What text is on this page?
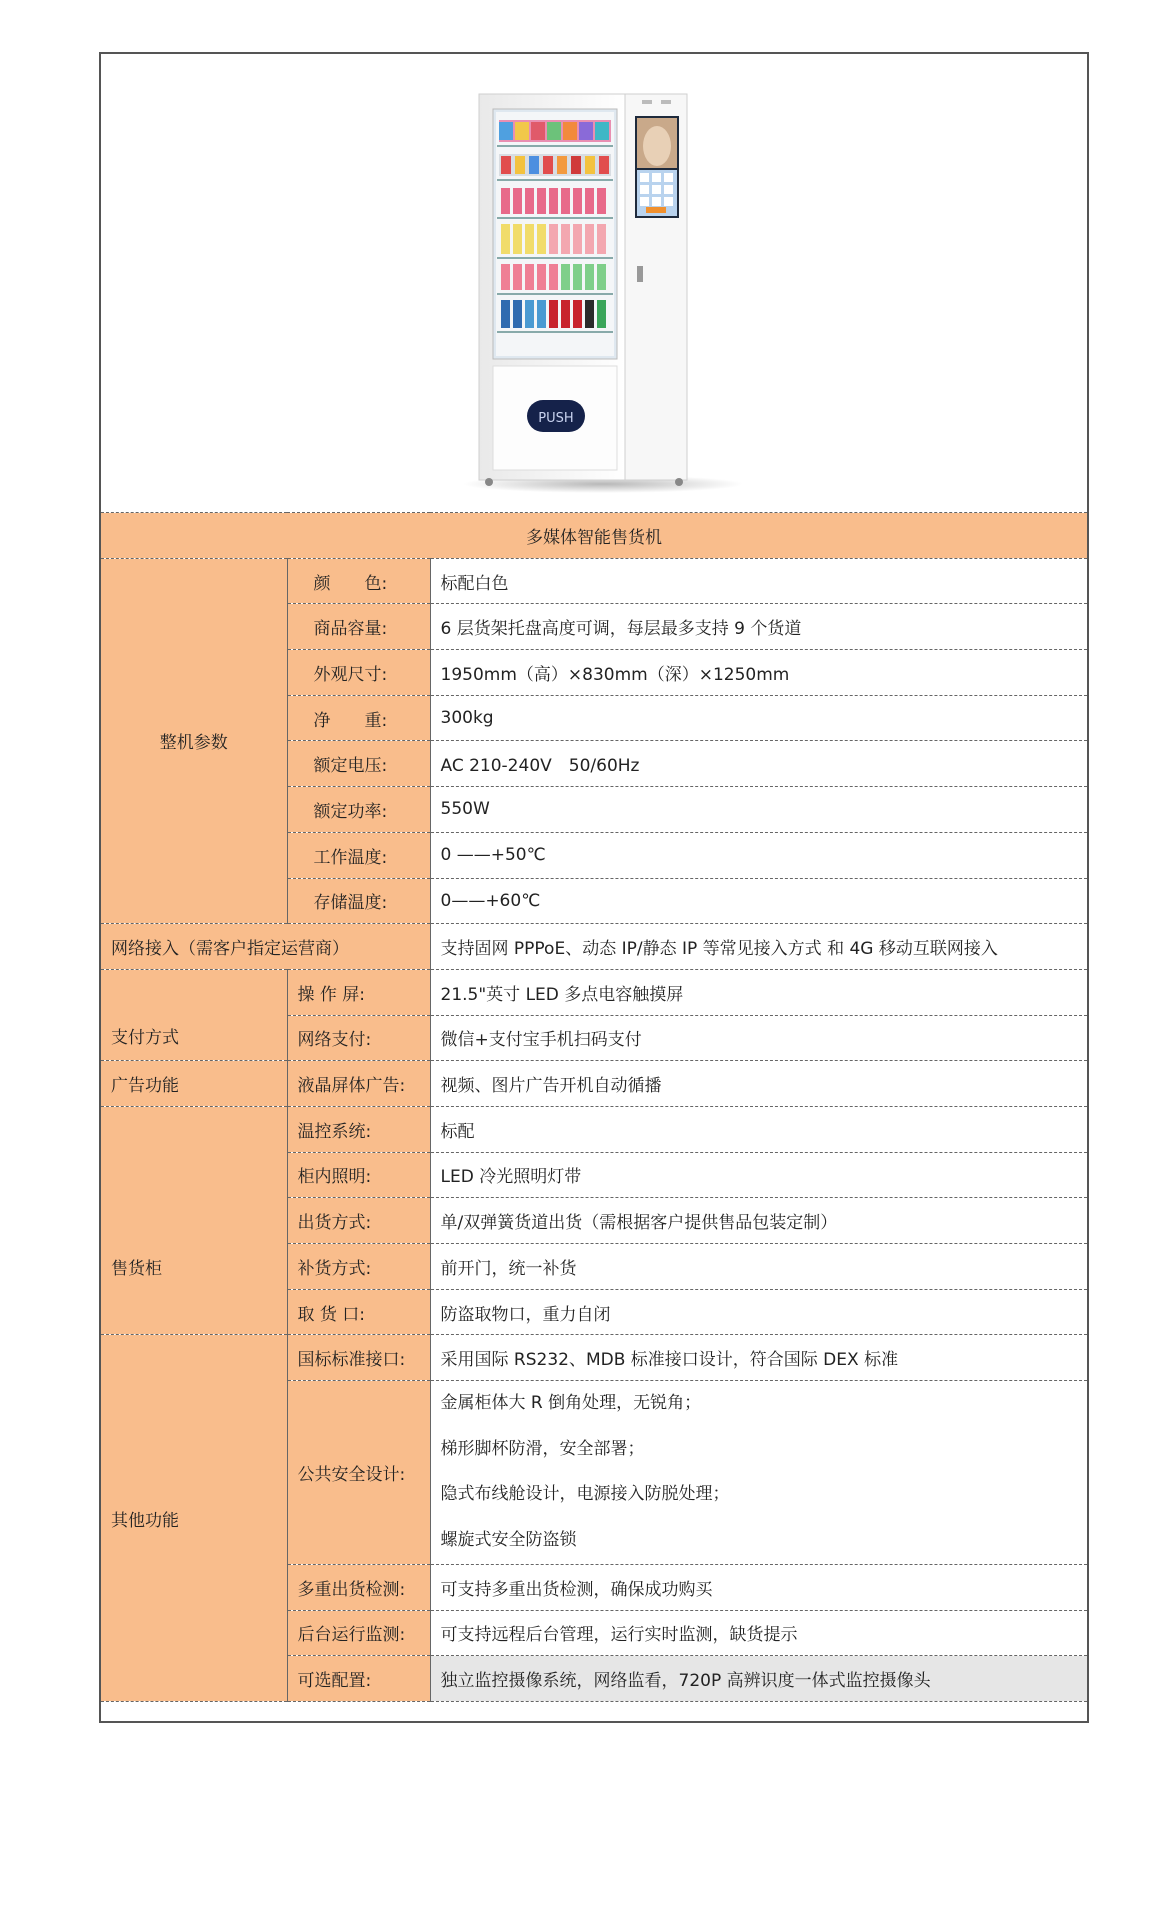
PUSH
多媒体智能售货机		
整机参数	颜　　色:	标配白色
	商品容量:	6 层货架托盘高度可调，每层最多支持 9 个货道
	外观尺寸:	1950mm（高）×830mm（深）×1250mm
	净　　重:	300kg
	额定电压:	AC 210-240V　50/60Hz
	额定功率:	550W
	工作温度:	0 ——+50℃
	存储温度:	0——+60℃
网络接入（需客户指定运营商）		支持固网 PPPoE、动态 IP/静态 IP 等常见接入方式 和 4G 移动互联网接入
支付方式	操 作 屏:	21.5"英寸 LED 多点电容触摸屏
	网络支付:	微信+支付宝手机扫码支付
广告功能	液晶屏体广告:	视频、图片广告开机自动循播
售货柜	温控系统:	标配
	柜内照明:	LED 冷光照明灯带
	出货方式:	单/双弹簧货道出货（需根据客户提供售品包装定制）
	补货方式:	前开门，统一补货
	取 货 口:	防盗取物口，重力自闭
其他功能	国标标准接口:	采用国际 RS232、MDB 标准接口设计，符合国际 DEX 标准
	公共安全设计:	金属柜体大 R 倒角处理，无锐角；
梯形脚杯防滑，安全部署；
隐式布线舱设计，电源接入防脱处理；
螺旋式安全防盗锁

	多重出货检测:	可支持多重出货检测，确保成功购买
	后台运行监测:	可支持远程后台管理，运行实时监测，缺货提示
	可选配置:	独立监控摄像系统，网络监看，720P 高辨识度一体式监控摄像头
